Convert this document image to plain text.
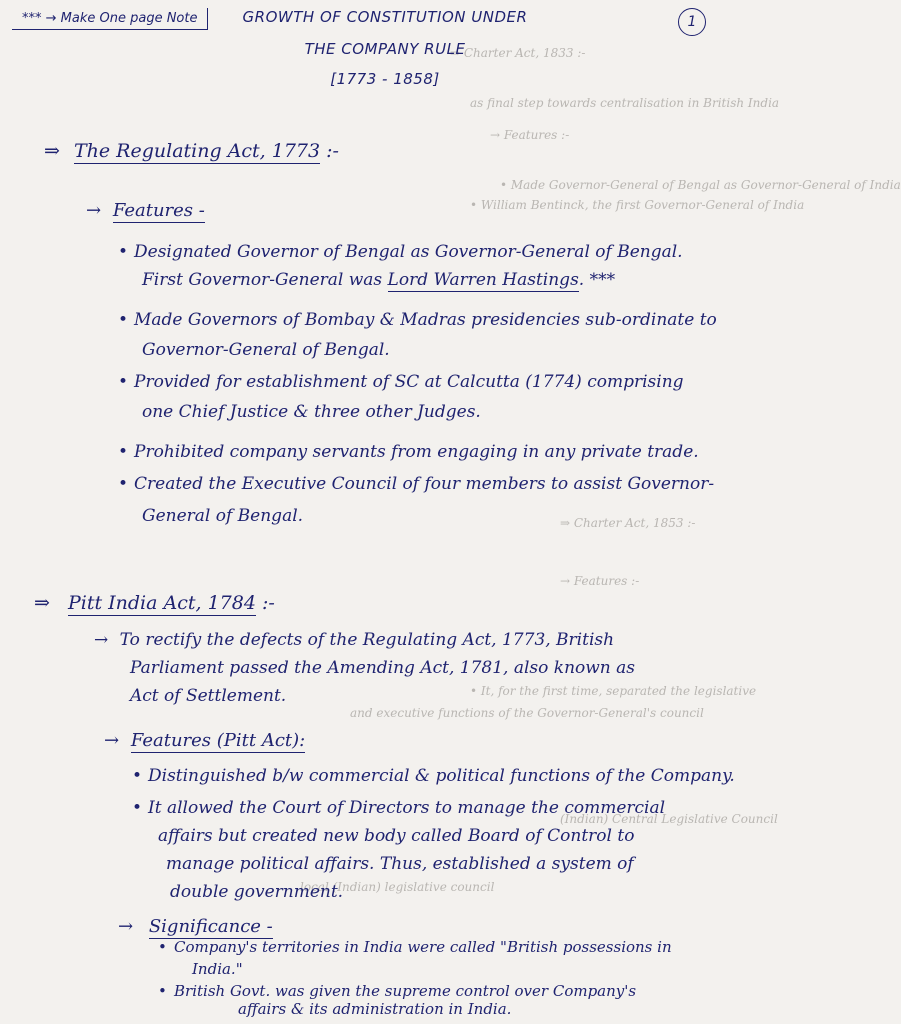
⇒ Charter Act, 1833 :-
as final step towards centralisation in British India
→ Features :-
• Made Governor-General of Bengal as Governor-General of India
• William Bentinck, the first Governor-General of India
⇒ Charter Act, 1853 :-
→ Features :-
• It, for the first time, separated the legislative
and executive functions of the Governor-General's council
(Indian) Central Legislative Council
local (Indian) legislative council
*** → Make One page Note	GROWTH OF CONSTITUTION UNDER
THE COMPANY RULE
[1773 - 1858]
1
⇒ The Regulating Act, 1773 :-
→ Features -
• Designated Governor of Bengal as Governor-General of Bengal.
First Governor-General was Lord Warren Hastings. ***
• Made Governors of Bombay & Madras presidencies sub-ordinate to
Governor-General of Bengal.
• Provided for establishment of SC at Calcutta (1774) comprising
one Chief Justice & three other Judges.
• Prohibited company servants from engaging in any private trade.
• Created the Executive Council of four members to assist Governor-
General of Bengal.
⇒ Pitt India Act, 1784 :-
→ To rectify the defects of the Regulating Act, 1773, British
Parliament passed the Amending Act, 1781, also known as
Act of Settlement.
→ Features (Pitt Act):
• Distinguished b/w commercial & political functions of the Company.
• It allowed the Court of Directors to manage the commercial
affairs but created new body called Board of Control to
manage political affairs. Thus, established a system of
double government.
→ Significance -
• Company's territories in India were called "British possessions in
India."
• British Govt. was given the supreme control over Company's
affairs & its administration in India.
